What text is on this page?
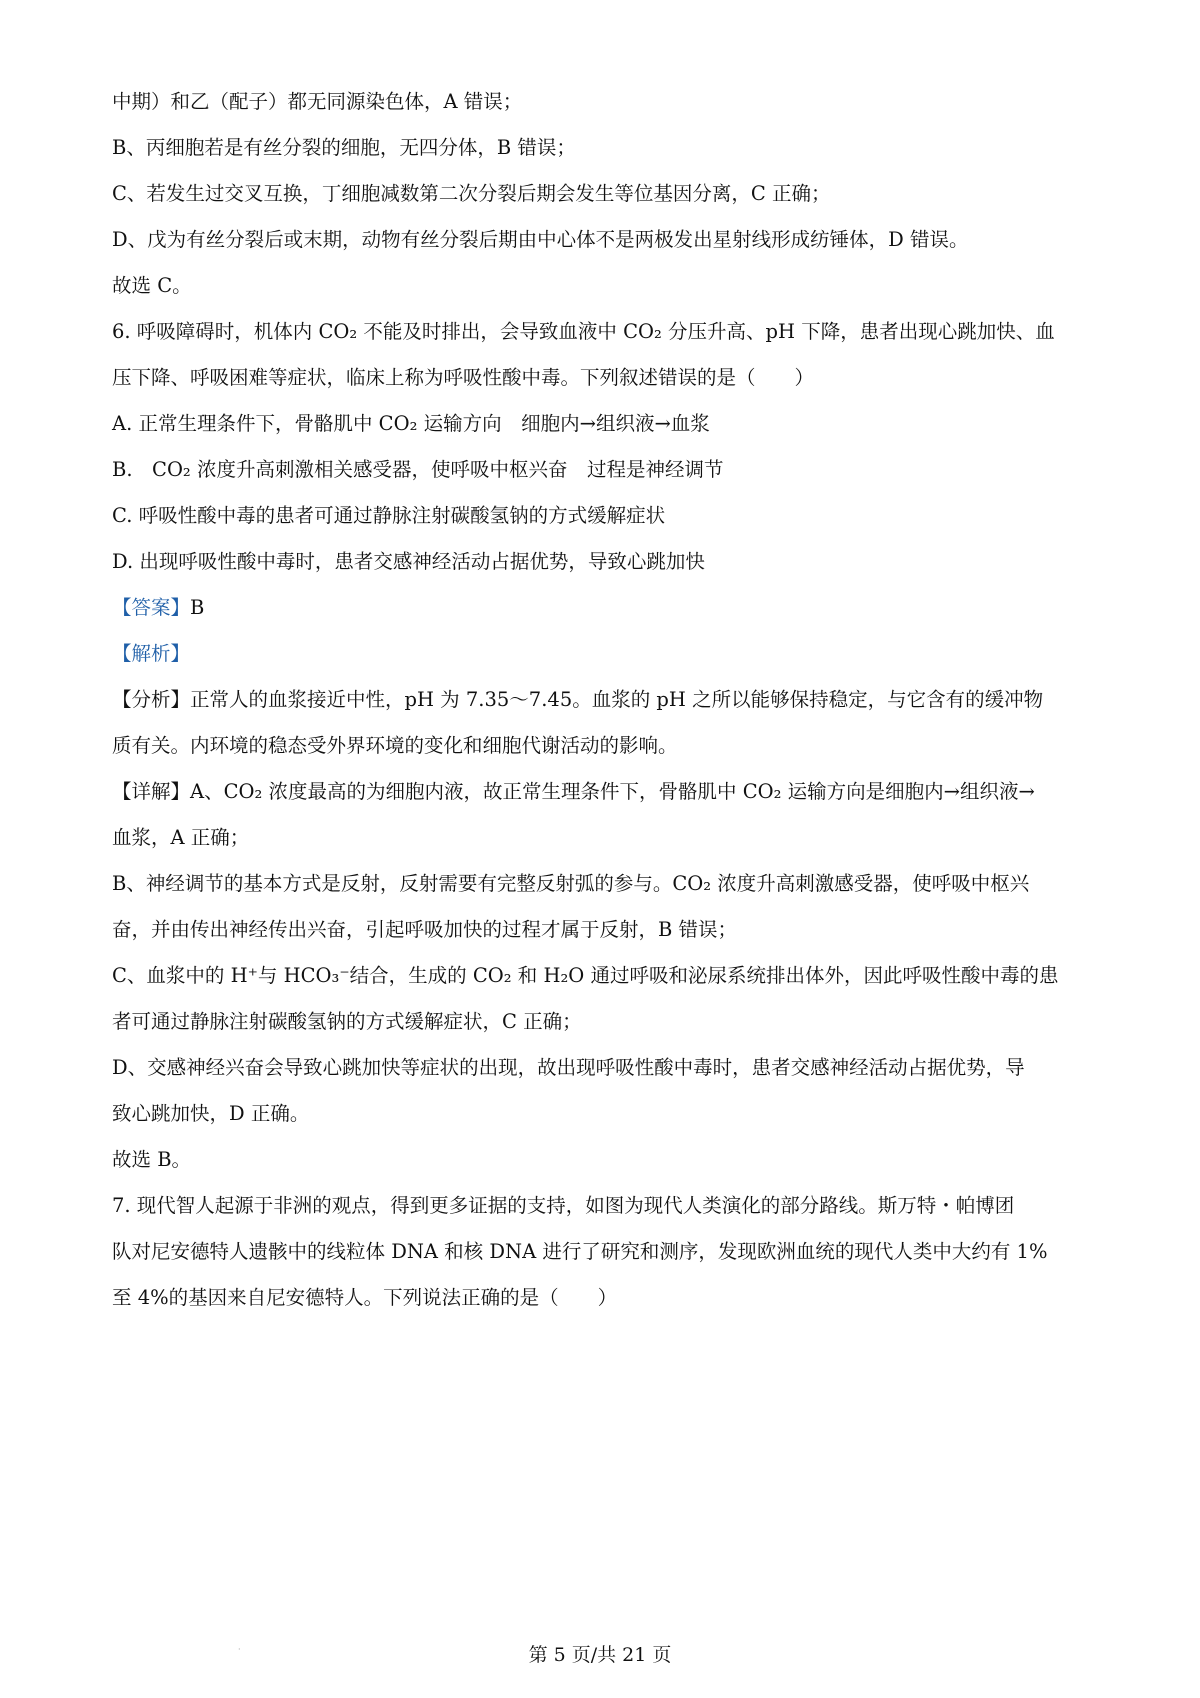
中期）和乙（配子）都无同源染色体，A 错误；
B、丙细胞若是有丝分裂的细胞，无四分体，B 错误；
C、若发生过交叉互换，丁细胞减数第二次分裂后期会发生等位基因分离，C 正确；
D、戊为有丝分裂后或末期，动物有丝分裂后期由中心体不是两极发出星射线形成纺锤体，D 错误。
故选 C。
6. 呼吸障碍时，机体内 CO₂ 不能及时排出，会导致血液中 CO₂ 分压升高、pH 下降，患者出现心跳加快、血
压下降、呼吸困难等症状，临床上称为呼吸性酸中毒。下列叙述错误的是（　　）
A. 正常生理条件下，骨骼肌中 CO₂ 运输方向　细胞内→组织液→血浆
B.　CO₂ 浓度升高刺激相关感受器，使呼吸中枢兴奋　过程是神经调节
C. 呼吸性酸中毒的患者可通过静脉注射碳酸氢钠的方式缓解症状
D. 出现呼吸性酸中毒时，患者交感神经活动占据优势，导致心跳加快
【答案】B
【解析】
【分析】正常人的血浆接近中性，pH 为 7.35～7.45。血浆的 pH 之所以能够保持稳定，与它含有的缓冲物
质有关。内环境的稳态受外界环境的变化和细胞代谢活动的影响。
【详解】A、CO₂ 浓度最高的为细胞内液，故正常生理条件下，骨骼肌中 CO₂ 运输方向是细胞内→组织液→
血浆，A 正确；
B、神经调节的基本方式是反射，反射需要有完整反射弧的参与。CO₂ 浓度升高刺激感受器，使呼吸中枢兴
奋，并由传出神经传出兴奋，引起呼吸加快的过程才属于反射，B 错误；
C、血浆中的 H⁺与 HCO₃⁻结合，生成的 CO₂ 和 H₂O 通过呼吸和泌尿系统排出体外，因此呼吸性酸中毒的患
者可通过静脉注射碳酸氢钠的方式缓解症状，C 正确；
D、交感神经兴奋会导致心跳加快等症状的出现，故出现呼吸性酸中毒时，患者交感神经活动占据优势，导
致心跳加快，D 正确。
故选 B。
7. 现代智人起源于非洲的观点，得到更多证据的支持，如图为现代人类演化的部分路线。斯万特・帕博团
队对尼安德特人遗骸中的线粒体 DNA 和核 DNA 进行了研究和测序，发现欧洲血统的现代人类中大约有 1%
至 4%的基因来自尼安德特人。下列说法正确的是（　　）
·	第 5 页/共 21 页
